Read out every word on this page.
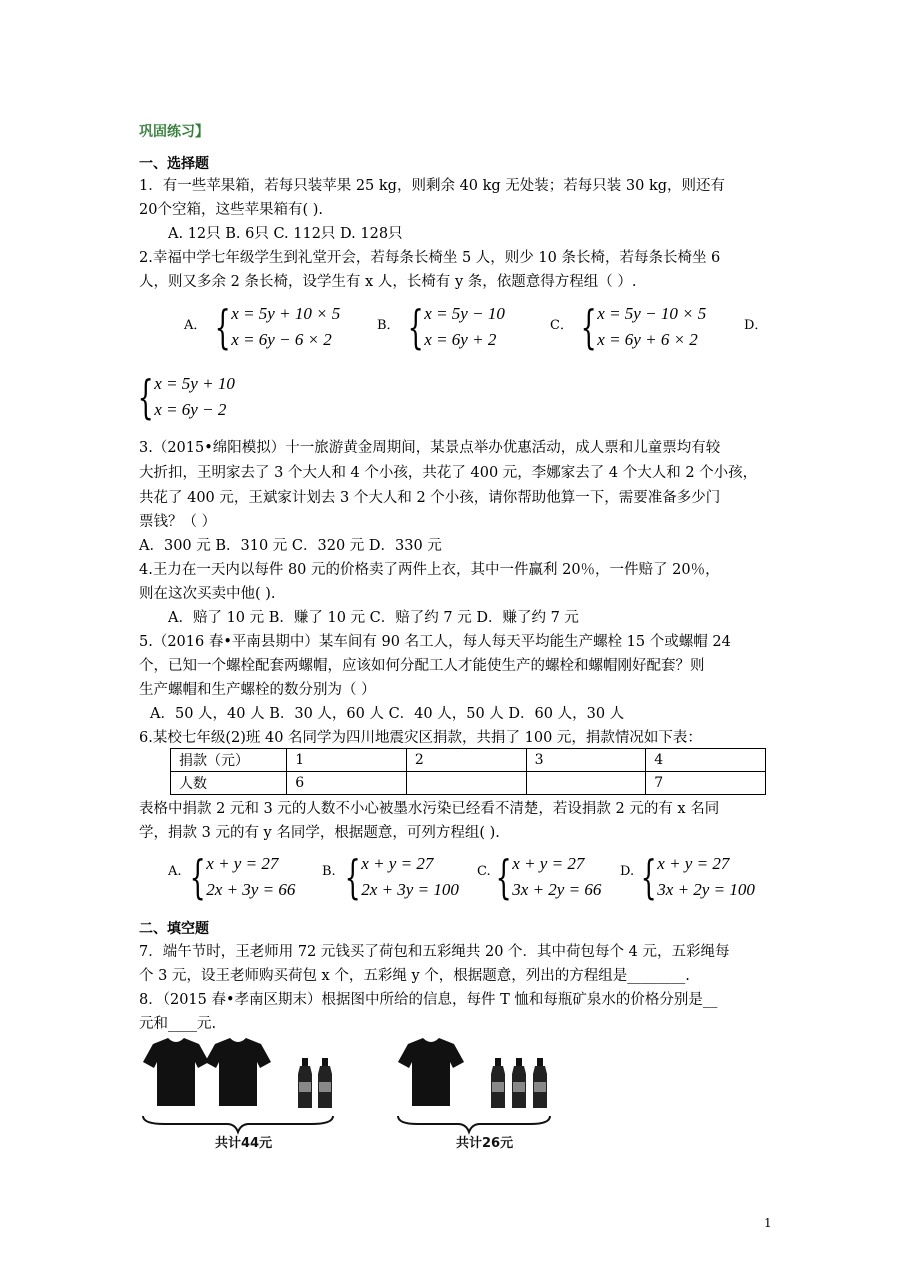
巩固练习】
一、选择题
1．有一些苹果箱，若每只装苹果 25 kg，则剩余 40 kg 无处装；若每只装 30 kg，则还有
20个空箱，这些苹果箱有( ).
A. 12只 B. 6只 C. 112只 D. 128只
2.幸福中学七年级学生到礼堂开会，若每条长椅坐 5 人，则少 10 条长椅，若每条长椅坐 6
人，则又多余 2 条长椅，设学生有 x 人，长椅有 y 条，依题意得方程组（ ）.
A． { x = 5y + 10 × 5
x = 6y − 6 × 2
B． { x = 5y − 10
x = 6y + 2
C． { x = 5y − 10 × 5
x = 6y + 6 × 2
D．
{ x = 5y + 10
x = 6y − 2
3.（2015•绵阳模拟）十一旅游黄金周期间，某景点举办优惠活动，成人票和儿童票均有较
大折扣，王明家去了 3 个大人和 4 个小孩，共花了 400 元，李娜家去了 4 个大人和 2 个小孩，
共花了 400 元，王斌家计划去 3 个大人和 2 个小孩，请你帮助他算一下，需要准备多少门
票钱？（ ）
A．300 元 B．310 元 C．320 元 D．330 元
4.王力在一天内以每件 80 元的价格卖了两件上衣，其中一件赢利 20％，一件赔了 20％，
则在这次买卖中他( ).
A．赔了 10 元 B．赚了 10 元 C．赔了约 7 元 D．赚了约 7 元
5.（2016 春•平南县期中）某车间有 90 名工人，每人每天平均能生产螺栓 15 个或螺帽 24
个，已知一个螺栓配套两螺帽，应该如何分配工人才能使生产的螺栓和螺帽刚好配套？则
生产螺帽和生产螺栓的数分别为（ ）
A．50 人，40 人 B．30 人，60 人 C．40 人，50 人 D．60 人，30 人
6.某校七年级(2)班 40 名同学为四川地震灾区捐款，共捐了 100 元，捐款情况如下表：
捐款（元）	1	2	3	4
人数	6			7
表格中捐款 2 元和 3 元的人数不小心被墨水污染已经看不清楚，若设捐款 2 元的有 x 名同
学，捐款 3 元的有 y 名同学，根据题意，可列方程组( ).
A. { x + y = 27
2x + 3y = 66
B. { x + y = 27
2x + 3y = 100
C. { x + y = 27
3x + 2y = 66
D. { x + y = 27
3x + 2y = 100
二、填空题
7．端午节时，王老师用 72 元钱买了荷包和五彩绳共 20 个．其中荷包每个 4 元，五彩绳每
个 3 元，设王老师购买荷包 x 个，五彩绳 y 个，根据题意，列出的方程组是________.
8．（2015 春•孝南区期末）根据图中所给的信息，每件 T 恤和每瓶矿泉水的价格分别是__
元和____元.
共计44元	共计26元
1
